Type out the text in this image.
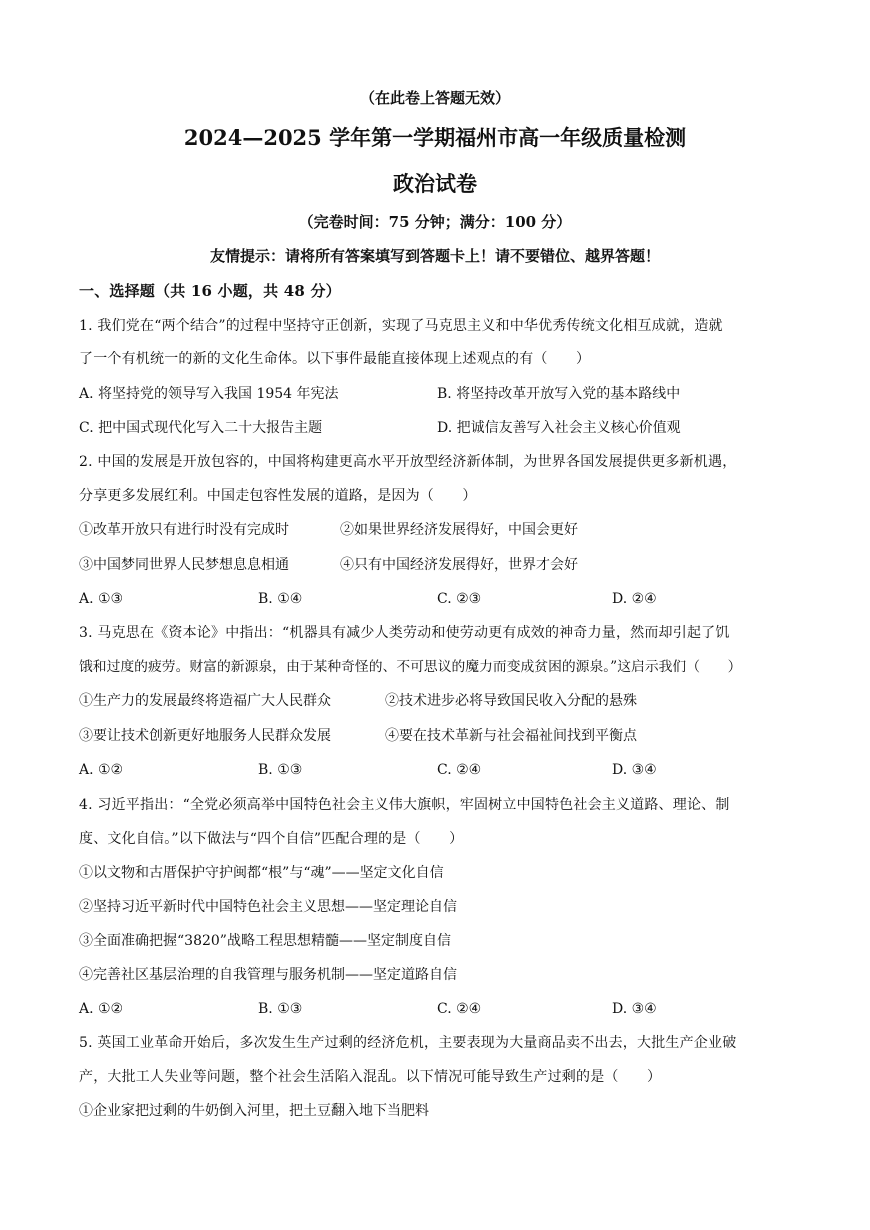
（在此卷上答题无效）
2024—2025 学年第一学期福州市高一年级质量检测
政治试卷
（完卷时间：75 分钟；满分：100 分）
友情提示：请将所有答案填写到答题卡上！请不要错位、越界答题！
一、选择题（共 16 小题，共 48 分）
1. 我们党在“两个结合”的过程中坚持守正创新，实现了马克思主义和中华优秀传统文化相互成就，造就
了一个有机统一的新的文化生命体。以下事件最能直接体现上述观点的有（　　）
A. 将坚持党的领导写入我国 1954 年宪法	B. 将坚持改革开放写入党的基本路线中
C. 把中国式现代化写入二十大报告主题	D. 把诚信友善写入社会主义核心价值观
2. 中国的发展是开放包容的，中国将构建更高水平开放型经济新体制，为世界各国发展提供更多新机遇，
分享更多发展红利。中国走包容性发展的道路，是因为（　　）
①改革开放只有进行时没有完成时	②如果世界经济发展得好，中国会更好
③中国梦同世界人民梦想息息相通	④只有中国经济发展得好，世界才会好
A. ①③	B. ①④	C. ②③	D. ②④
3. 马克思在《资本论》中指出：“机器具有减少人类劳动和使劳动更有成效的神奇力量，然而却引起了饥
饿和过度的疲劳。财富的新源泉，由于某种奇怪的、不可思议的魔力而变成贫困的源泉。”这启示我们（　　）
①生产力的发展最终将造福广大人民群众	②技术进步必将导致国民收入分配的悬殊
③要让技术创新更好地服务人民群众发展	④要在技术革新与社会福祉间找到平衡点
A. ①②	B. ①③	C. ②④	D. ③④
4. 习近平指出：“全党必须高举中国特色社会主义伟大旗帜，牢固树立中国特色社会主义道路、理论、制
度、文化自信。”以下做法与“四个自信”匹配合理的是（　　）
①以文物和古厝保护守护闽都“根”与“魂”——坚定文化自信
②坚持习近平新时代中国特色社会主义思想——坚定理论自信
③全面准确把握“3820”战略工程思想精髓——坚定制度自信
④完善社区基层治理的自我管理与服务机制——坚定道路自信
A. ①②	B. ①③	C. ②④	D. ③④
5. 英国工业革命开始后，多次发生生产过剩的经济危机，主要表现为大量商品卖不出去，大批生产企业破
产，大批工人失业等问题，整个社会生活陷入混乱。以下情况可能导致生产过剩的是（　　）
①企业家把过剩的牛奶倒入河里，把土豆翻入地下当肥料
